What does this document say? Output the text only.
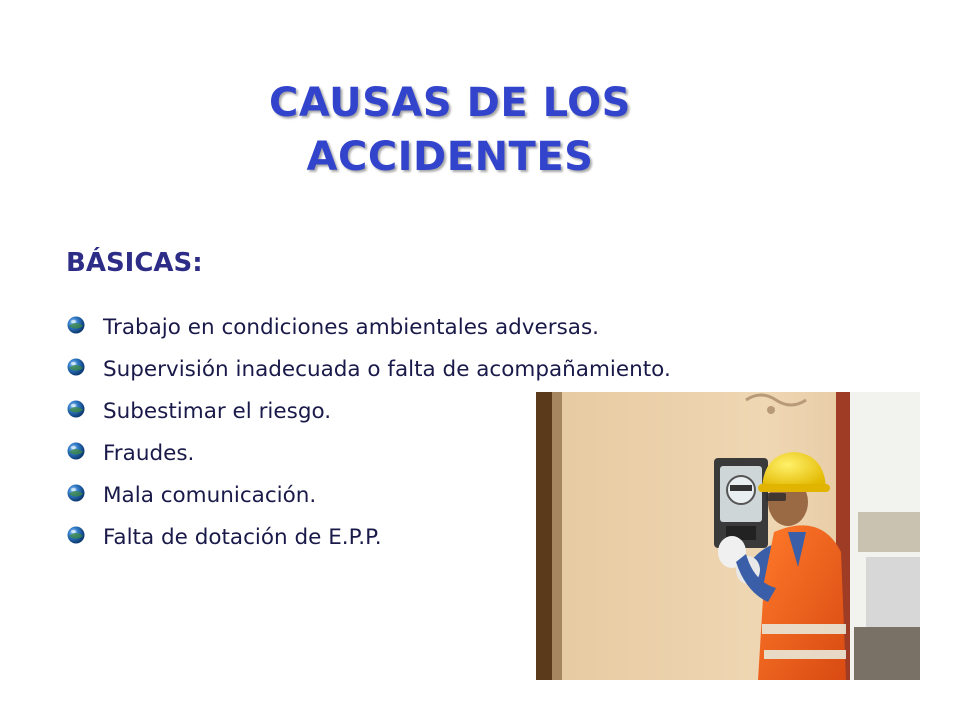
CAUSAS DE LOS
ACCIDENTES
BÁSICAS:
Trabajo en condiciones ambientales adversas.
Supervisión inadecuada o falta de acompañamiento.
Subestimar el riesgo.
Fraudes.
Mala comunicación.
Falta de dotación de E.P.P.
